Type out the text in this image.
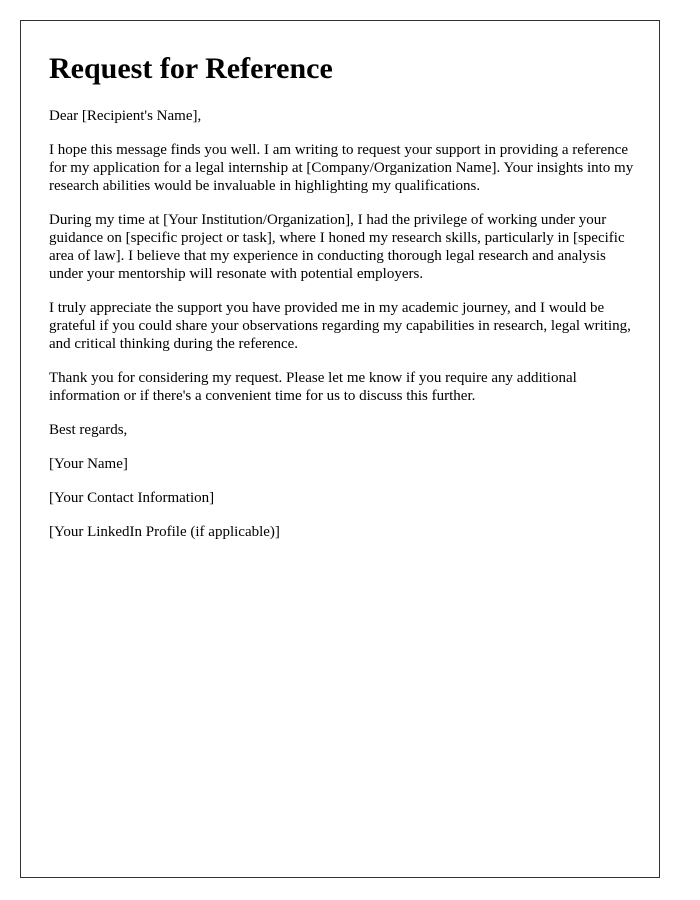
Request for Reference

Dear [Recipient's Name],

I hope this message finds you well. I am writing to request your support in providing a reference for my application for a legal internship at [Company/Organization Name]. Your insights into my research abilities would be invaluable in highlighting my qualifications.

During my time at [Your Institution/Organization], I had the privilege of working under your guidance on [specific project or task], where I honed my research skills, particularly in [specific area of law]. I believe that my experience in conducting thorough legal research and analysis under your mentorship will resonate with potential employers.

I truly appreciate the support you have provided me in my academic journey, and I would be grateful if you could share your observations regarding my capabilities in research, legal writing, and critical thinking during the reference.

Thank you for considering my request. Please let me know if you require any additional information or if there's a convenient time for us to discuss this further.

Best regards,

[Your Name]

[Your Contact Information]

[Your LinkedIn Profile (if applicable)]
